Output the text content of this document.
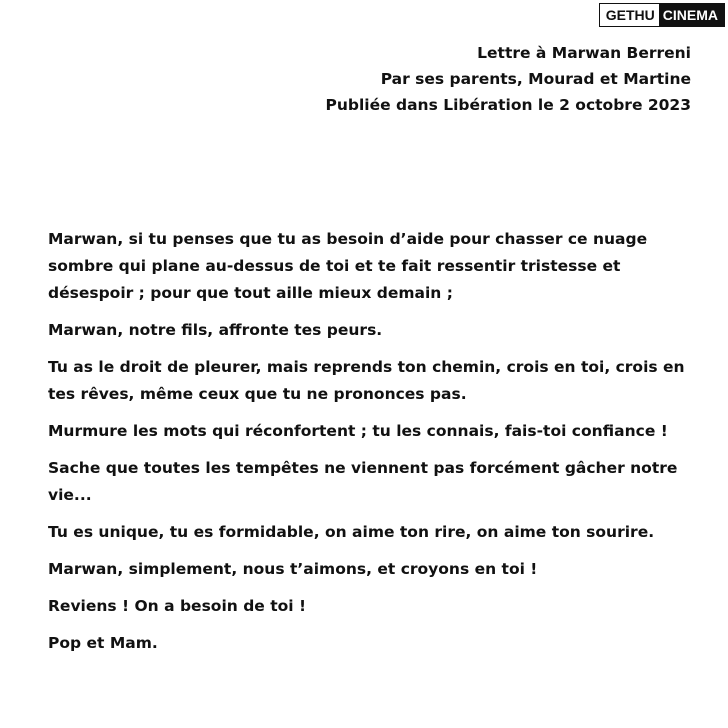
GETHU CINEMA
Lettre à Marwan Berreni
Par ses parents, Mourad et Martine
Publiée dans Libération le 2 octobre 2023

Marwan, si tu penses que tu as besoin d’aide pour chasser ce nuage sombre qui plane au-dessus de toi et te fait ressentir tristesse et désespoir ; pour que tout aille mieux demain ;

Marwan, notre fils, affronte tes peurs.

Tu as le droit de pleurer, mais reprends ton chemin, crois en toi, crois en tes rêves, même ceux que tu ne prononces pas.

Murmure les mots qui réconfortent ; tu les connais, fais-toi confiance !

Sache que toutes les tempêtes ne viennent pas forcément gâcher notre vie...

Tu es unique, tu es formidable, on aime ton rire, on aime ton sourire.

Marwan, simplement, nous t’aimons, et croyons en toi !

Reviens ! On a besoin de toi !

Pop et Mam.
